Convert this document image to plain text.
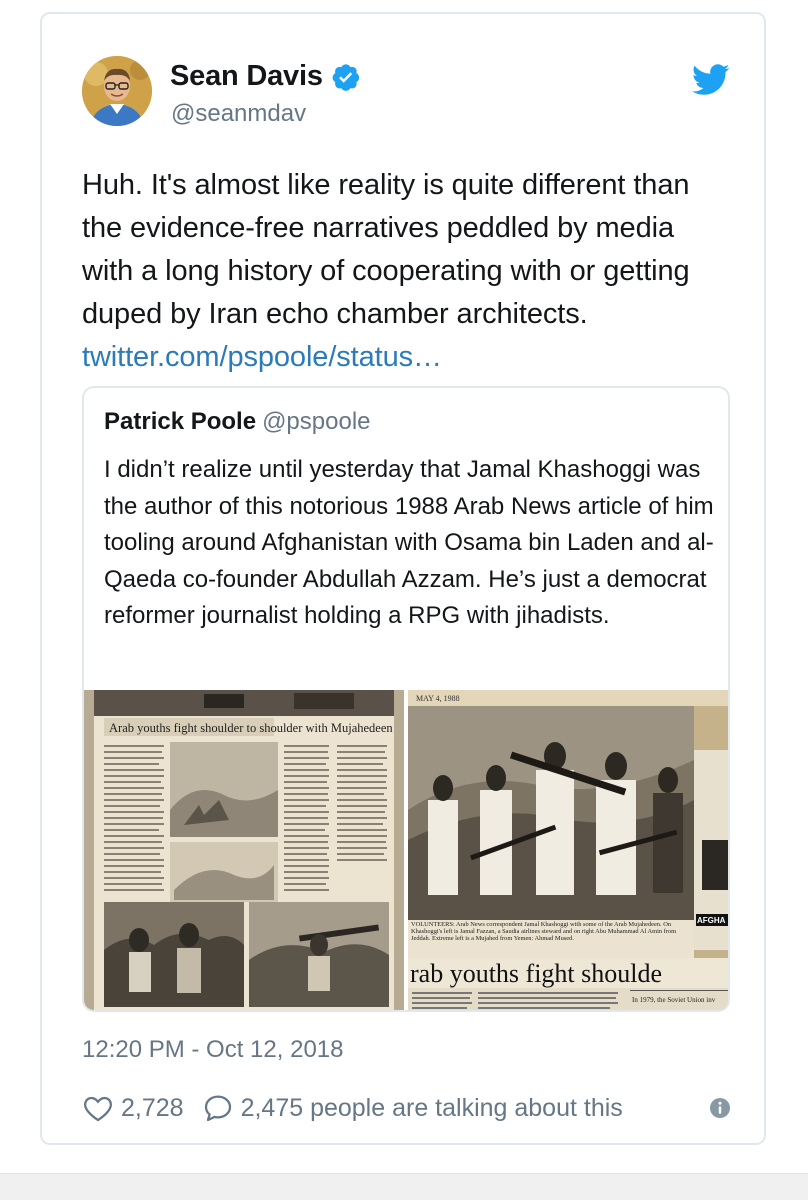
Sean Davis
@seanmdav
Huh. It's almost like reality is quite different than the evidence-free narratives peddled by media with a long history of cooperating with or getting duped by Iran echo chamber architects. twitter.com/pspoole/status…
Patrick Poole @pspoole
I didn’t realize until yesterday that Jamal Khashoggi was the author of this notorious 1988 Arab News article of him tooling around Afghanistan with Osama bin Laden and al-Qaeda co-founder Abdullah Azzam. He’s just a democrat reformer journalist holding a RPG with jihadists.
Arab youths fight shoulder to shoulder with Mujahedeen
MAY 4, 1988
AFGHA
VOLUNTEERS: Arab News correspondent Jamal Khashoggi with some of the Arab Mujahedeen. On Khashoggi's left is Jamal Fazzan, a Saudia airlines steward and on right Abu Muhammad Al Amin from Jeddah. Extreme left is a Mujahed from Yemen: Ahmad Mused.
rab youths fight shoulde
In 1979, the Soviet Union inv
12:20 PM - Oct 12, 2018
2,728 2,475 people are talking about this
